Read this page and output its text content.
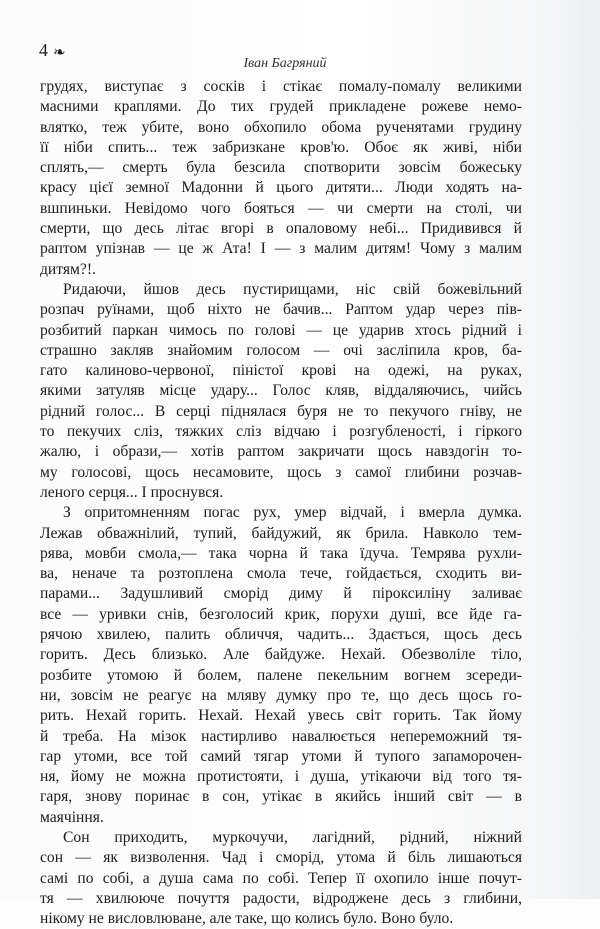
4 ❧
Іван Багряний
грудях, виступає з сосків і стікає помалу-помалу великими
масними краплями. До тих грудей прикладене рожеве немо-
влятко, теж убите, воно обхопило обома рученятами грудину
її ніби спить... теж забризкане кров'ю. Обоє як живі, ніби
сплять,— смерть була безсила спотворити зовсім божеську
красу цієї земної Мадонни й цього дитяти... Люди ходять на-
вшпиньки. Невідомо чого бояться — чи смерти на столі, чи
смерти, що десь літає вгорі в опаловому небі... Придивився й
раптом упізнав — це ж Ата! І — з малим дитям! Чому з малим
дитям?!.
Ридаючи, йшов десь пустирищами, ніс свій божевільний
розпач руїнами, щоб ніхто не бачив... Раптом удар через пів-
розбитий паркан чимось по голові — це ударив хтось рідний і
страшно закляв знайомим голосом — очі засліпила кров, ба-
гато калиново-червоної, піністої крові на одежі, на руках,
якими затуляв місце удару... Голос кляв, віддаляючись, чийсь
рідний голос... В серці піднялася буря не то пекучого гніву, не
то пекучих сліз, тяжких сліз відчаю і розгубленості, і гіркого
жалю, і образи,— хотів раптом закричати щось навздогін то-
му голосові, щось несамовите, щось з самої глибини розчав-
леного серця... І проснувся.
З опритомненням погас рух, умер відчай, і вмерла думка.
Лежав обважнілий, тупий, байдужий, як брила. Навколо тем-
рява, мовби смола,— така чорна й така їдуча. Темрява рухли-
ва, неначе та розтоплена смола тече, гойдається, сходить ви-
парами... Задушливий сморід диму й піроксиліну заливає
все — уривки снів, безголосий крик, порухи душі, все йде га-
рячою хвилею, палить обличчя, чадить... Здається, щось десь
горить. Десь близько. Але байдуже. Нехай. Обезволіле тіло,
розбите утомою й болем, палене пекельним вогнем зсереди-
ни, зовсім не реагує на мляву думку про те, що десь щось го-
рить. Нехай горить. Нехай. Нехай увесь світ горить. Так йому
й треба. На мізок настирливо навалюється непереможний тя-
гар утоми, все той самий тягар утоми й тупого запаморочен-
ня, йому не можна протистояти, і душа, утікаючи від того тя-
гаря, знову поринає в сон, утікає в якийсь інший світ — в
маячіння.
Сон приходить, муркочучи, лагідний, рідний, ніжний
сон — як визволення. Чад і сморід, утома й біль лишаються
самі по собі, а душа сама по собі. Тепер її охопило інше почут-
тя — хвилююче почуття радости, відроджене десь з глибини,
нікому не висловлюване, але таке, що колись було. Воно було.
